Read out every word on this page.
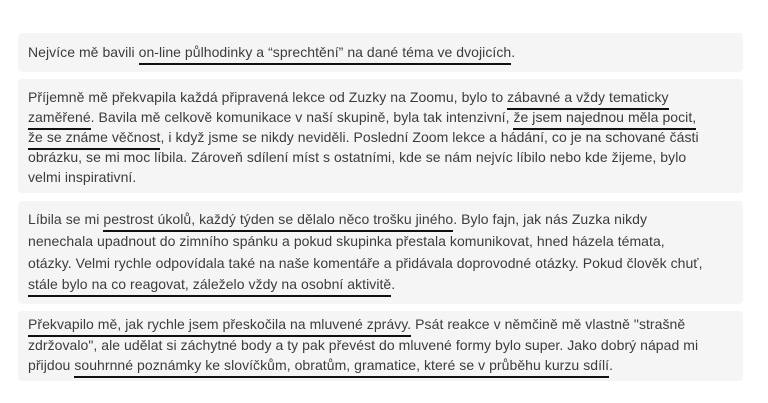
Nejvíce mě bavili on-line půlhodinky a “sprechtění” na dané téma ve dvojicích.
Příjemně mě překvapila každá připravená lekce od Zuzky na Zoomu, bylo to zábavné a vždy tematicky
zaměřené. Bavila mě celkově komunikace v naší skupině, byla tak intenzivní, že jsem najednou měla pocit,
že se známe věčnost, i když jsme se nikdy neviděli. Poslední Zoom lekce a hádání, co je na schované části
obrázku, se mi moc líbila. Zároveň sdílení míst s ostatními, kde se nám nejvíc líbilo nebo kde žijeme, bylo
velmi inspirativní.
Líbila se mi pestrost úkolů, každý týden se dělalo něco trošku jiného. Bylo fajn, jak nás Zuzka nikdy
nenechala upadnout do zimního spánku a pokud skupinka přestala komunikovat, hned házela témata,
otázky. Velmi rychle odpovídala také na naše komentáře a přidávala doprovodné otázky. Pokud člověk chuť,
stále bylo na co reagovat, záleželo vždy na osobní aktivitě.
Překvapilo mě, jak rychle jsem přeskočila na mluvené zprávy. Psát reakce v němčině mě vlastně "strašně
zdržovalo", ale udělat si záchytné body a ty pak převést do mluvené formy bylo super. Jako dobrý nápad mi
přijdou souhrnné poznámky ke slovíčkům, obratům, gramatice, které se v průběhu kurzu sdílí.
